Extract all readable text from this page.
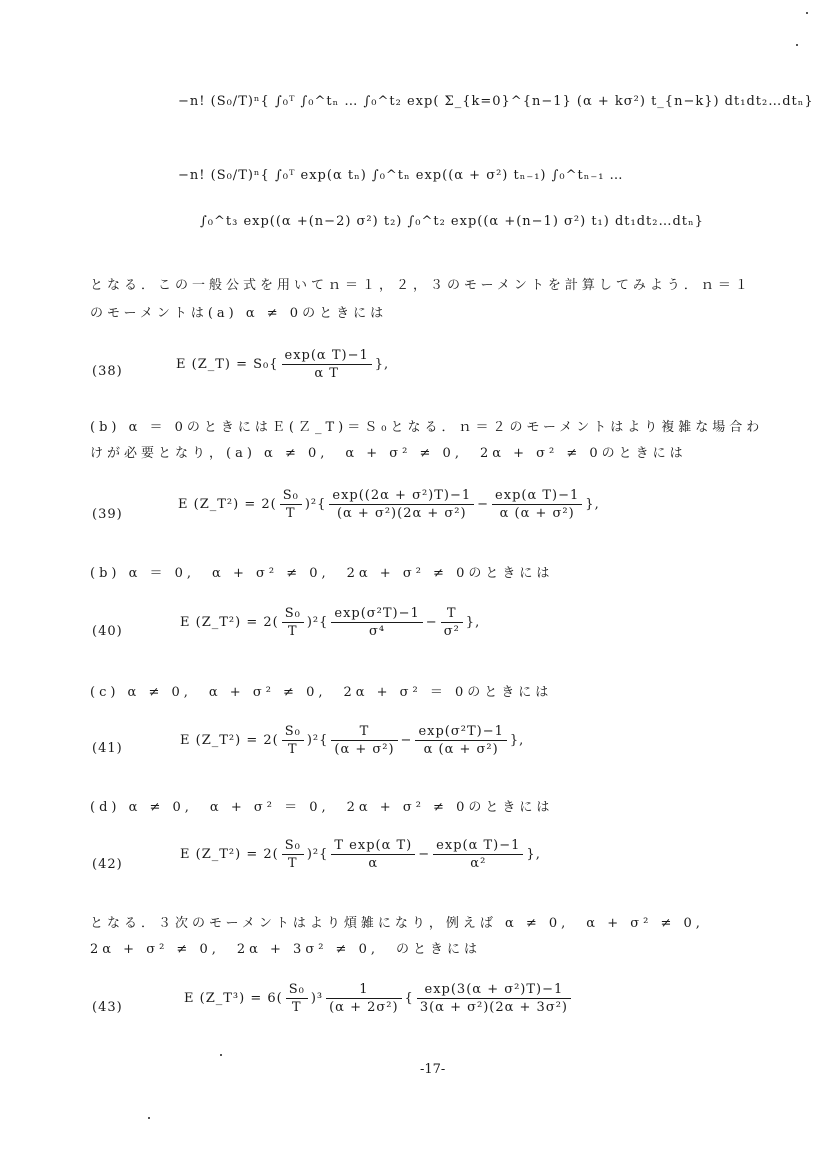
−n! (S₀/T)ⁿ{ ∫₀ᵀ ∫₀^tₙ … ∫₀^t₂ exp( Σ_{k=0}^{n−1} (α + kσ²) t_{n−k}) dt₁dt₂…dtₙ}
−n! (S₀/T)ⁿ{ ∫₀ᵀ exp(α tₙ) ∫₀^tₙ exp((α + σ²) tₙ₋₁) ∫₀^tₙ₋₁ …
∫₀^t₃ exp((α +(n−2) σ²) t₂) ∫₀^t₂ exp((α +(n−1) σ²) t₁) dt₁dt₂…dtₙ}
となる．この一般公式を用いてｎ＝１，２，３のモーメントを計算してみよう．ｎ＝１
のモーメントは(a) α ≠ 0のときには
(38)	E (Z_T) = $S_0\{ \frac{\text{exp(α T)−1}}{\text{α T}}$ },
(b) α ＝ 0のときにはＥ(Ｚ_T)＝Ｓ₀となる．ｎ＝２のモーメントはより複雑な場合わ
けが必要となり，(a) α ≠ 0,　α + σ² ≠ 0,　2α + σ² ≠ 0のときには
(39)
E (Z_T²) = $2( \frac{\text{S₀}}{T} )^2\{ \frac{\text{exp((2α + σ²)T)−1}}{\text{(α + σ²)(2α + σ²)}} - \frac{\text{exp(α T)−1}}{\text{α (α + σ²)}}$ },
(b) α ＝ 0,　α + σ² ≠ 0,　2α + σ² ≠ 0のときには
(40)
E (Z_T²) = $2( \frac{\text{S₀}}{T} )^2\{ \frac{\text{exp(σ²T)−1}}{\text{σ⁴}} - \frac{T}{\text{σ²}}$ },
(c) α ≠ 0,　α + σ² ≠ 0,　2α + σ² ＝ 0のときには
(41)
E (Z_T²) = $2( \frac{\text{S₀}}{T} )^2\{ \frac{T}{\text{(α + σ²)}} - \frac{\text{exp(σ²T)−1}}{\text{α (α + σ²)}}$ },
(d) α ≠ 0,　α + σ² ＝ 0,　2α + σ² ≠ 0のときには
(42)
E (Z_T²) = $2( \frac{\text{S₀}}{T} )^2\{ \frac{\text{T exp(α T)}}{\alpha} - \frac{\text{exp(α T)−1}}{\text{α²}}$ },
となる．３次のモーメントはより煩雑になり，例えば α ≠ 0,　α + σ² ≠ 0,
2α + σ² ≠ 0,　2α + 3σ² ≠ 0,　のときには
(43)
E (Z_T³) = $6( \frac{\text{S₀}}{T} )^3 \frac{1}{\text{(α + 2σ²)}}$ { $\frac{\text{exp(3(α + σ²)T)−1}}{\text{3(α + σ²)(2α + 3σ²)}}$
-17-
